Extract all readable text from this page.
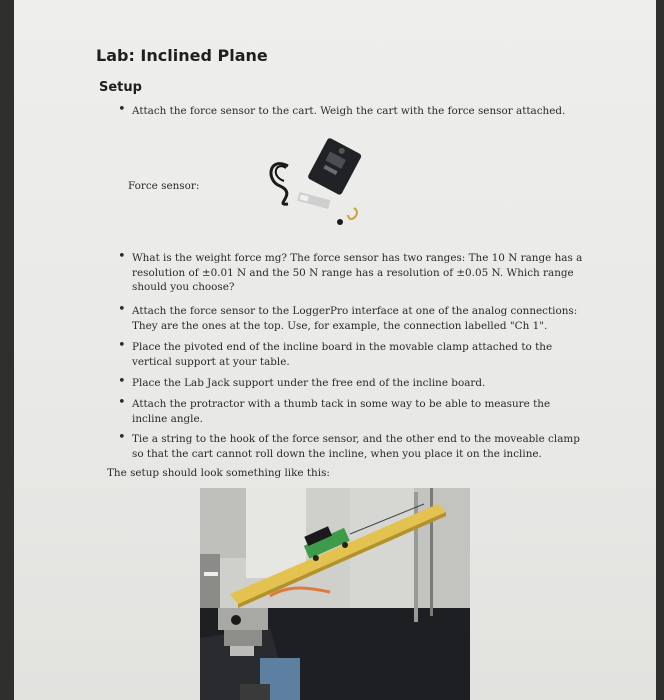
Lab: Inclined Plane
Setup
• Attach the force sensor to the cart. Weigh the cart with the force sensor attached.
Force sensor:
• What is the weight force mg? The force sensor has two ranges: The 10 N range has a resolution of ±0.01 N and the 50 N range has a resolution of ±0.05 N. Which range should you choose?
• Attach the force sensor to the LoggerPro interface at one of the analog connections: They are the ones at the top. Use, for example, the connection labelled "Ch 1".
• Place the pivoted end of the incline board in the movable clamp attached to the vertical support at your table.
• Place the Lab Jack support under the free end of the incline board.
• Attach the protractor with a thumb tack in some way to be able to measure the incline angle.
• Tie a string to the hook of the force sensor, and the other end to the moveable clamp so that the cart cannot roll down the incline, when you place it on the incline.
The setup should look something like this:
